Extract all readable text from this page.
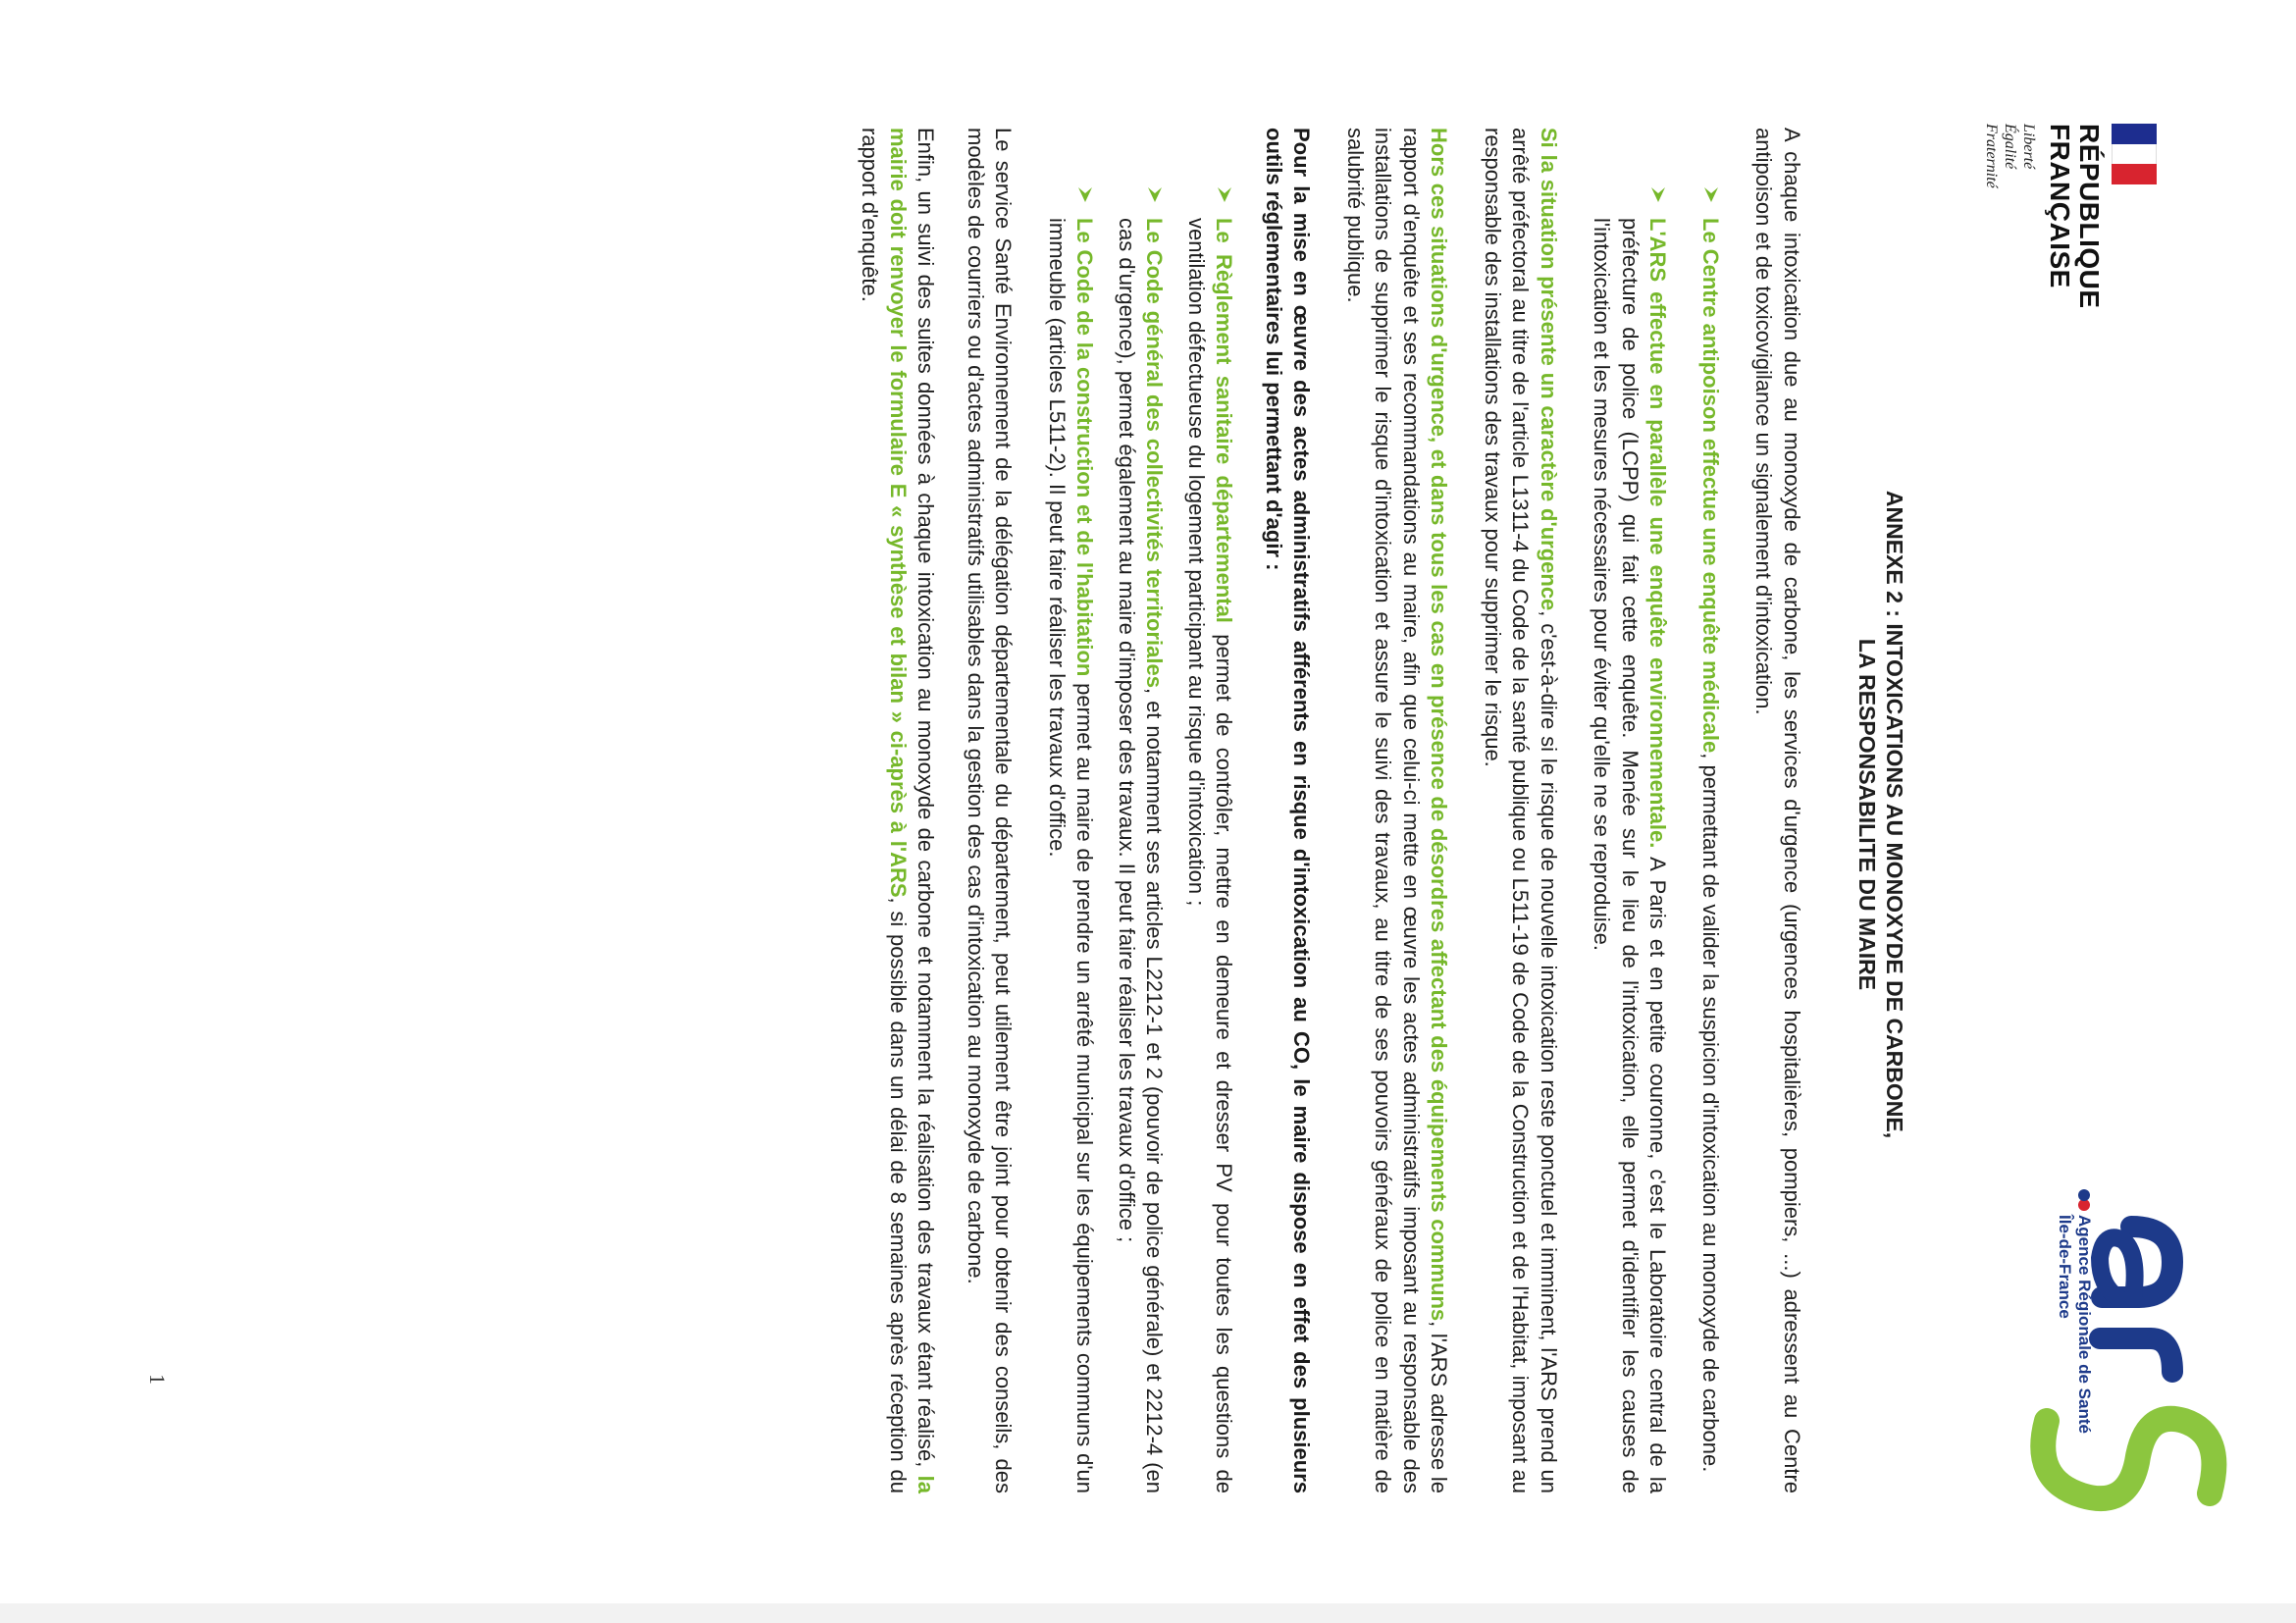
RÉPUBLIQUE
FRANÇAISE
Liberté
Égalité
Fraternité
Agence Régionale de Santé
Île-de-France
ANNEXE 2 : INTOXICATIONS AU MONOXYDE DE CARBONE,
LA RESPONSABILITE DU MAIRE

A chaque intoxication due au monoxyde de carbone, les services d'urgence (urgences hospitalières, pompiers, ...) adressent au Centre antipoison et de toxicovigilance un signalement d'intoxication.

Le Centre antipoison effectue une enquête médicale, permettant de valider la suspicion d'intoxication au monoxyde de carbone.
L'ARS effectue en parallèle une enquête environnementale. A Paris et en petite couronne, c'est le Laboratoire central de la préfecture de police (LCPP) qui fait cette enquête. Menée sur le lieu de l'intoxication, elle permet d'identifier les causes de l'intoxication et les mesures nécessaires pour éviter qu'elle ne se reproduise.

Si la situation présente un caractère d'urgence, c'est-à-dire si le risque de nouvelle intoxication reste ponctuel et imminent, l'ARS prend un arrêté préfectoral au titre de l'article L1311-4 du Code de la santé publique ou L511-19 de Code de la Construction et de l'Habitat, imposant au responsable des installations des travaux pour supprimer le risque.

Hors ces situations d'urgence, et dans tous les cas en présence de désordres affectant des équipements communs, l'ARS adresse le rapport d'enquête et ses recommandations au maire, afin que celui-ci mette en œuvre les actes administratifs imposant au responsable des installations de supprimer le risque d'intoxication et assure le suivi des travaux, au titre de ses pouvoirs généraux de police en matière de salubrité publique.

Pour la mise en œuvre des actes administratifs afférents en risque d'intoxication au CO, le maire dispose en effet des plusieurs outils réglementaires lui permettant d'agir :

Le Règlement sanitaire départemental permet de contrôler, mettre en demeure et dresser PV pour toutes les questions de ventilation défectueuse du logement participant au risque d'intoxication ;
Le Code général des collectivités territoriales, et notamment ses articles L2212-1 et 2 (pouvoir de police générale) et 2212-4 (en cas d'urgence), permet également au maire d'imposer des travaux. Il peut faire réaliser les travaux d'office ;
Le Code de la construction et de l'habitation permet au maire de prendre un arrêté municipal sur les équipements communs d'un immeuble (articles L511-2). Il peut faire réaliser les travaux d'office.

Le service Santé Environnement de la délégation départementale du département, peut utilement être joint pour obtenir des conseils, des modèles de courriers ou d'actes administratifs utilisables dans la gestion des cas d'intoxication au monoxyde de carbone.

Enfin, un suivi des suites données à chaque intoxication au monoxyde de carbone et notamment la réalisation des travaux étant réalisé, la mairie doit renvoyer le formulaire E « synthèse et bilan » ci-après à l'ARS, si possible dans un délai de 8 semaines après réception du rapport d'enquête.

1
